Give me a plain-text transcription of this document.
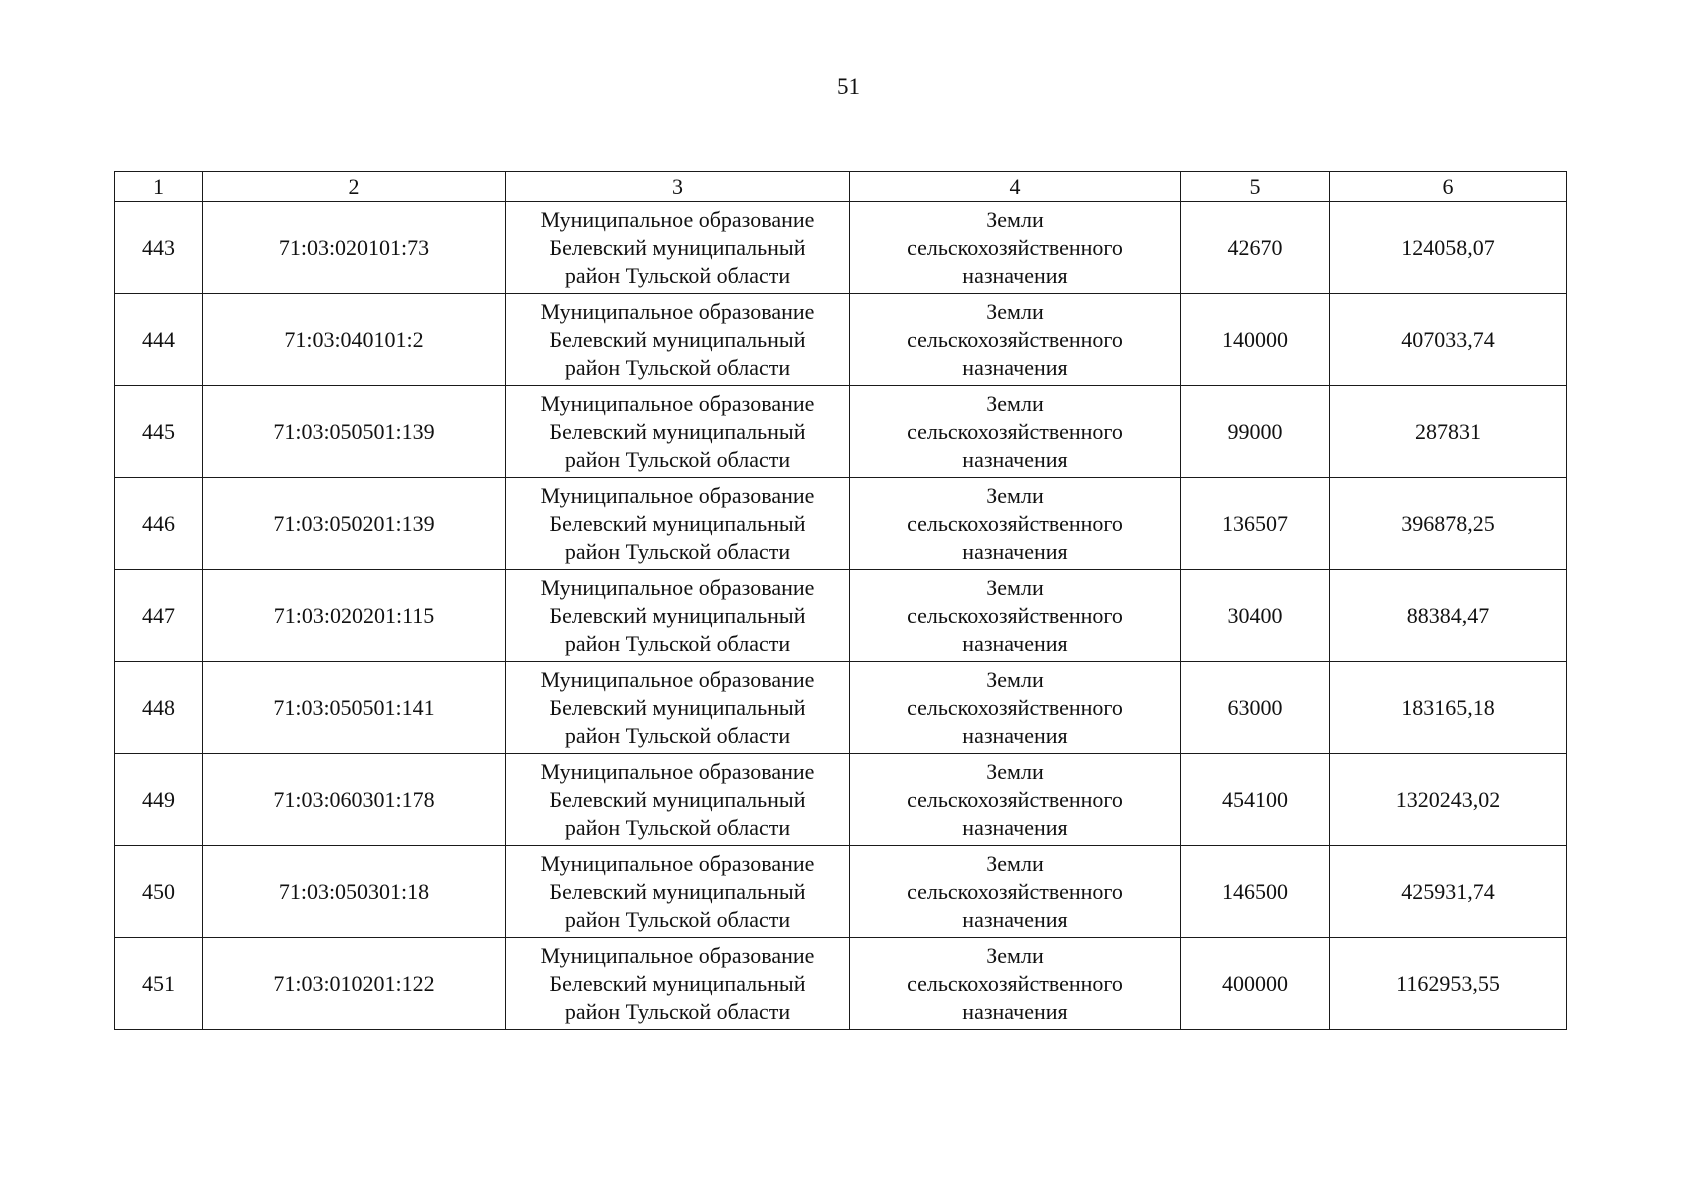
51
1	2	3	4	5	6
443	71:03:020101:73	Муниципальное образование
Белевский муниципальный
район Тульской области	Земли
сельскохозяйственного
назначения	42670	124058,07
444	71:03:040101:2	Муниципальное образование
Белевский муниципальный
район Тульской области	Земли
сельскохозяйственного
назначения	140000	407033,74
445	71:03:050501:139	Муниципальное образование
Белевский муниципальный
район Тульской области	Земли
сельскохозяйственного
назначения	99000	287831
446	71:03:050201:139	Муниципальное образование
Белевский муниципальный
район Тульской области	Земли
сельскохозяйственного
назначения	136507	396878,25
447	71:03:020201:115	Муниципальное образование
Белевский муниципальный
район Тульской области	Земли
сельскохозяйственного
назначения	30400	88384,47
448	71:03:050501:141	Муниципальное образование
Белевский муниципальный
район Тульской области	Земли
сельскохозяйственного
назначения	63000	183165,18
449	71:03:060301:178	Муниципальное образование
Белевский муниципальный
район Тульской области	Земли
сельскохозяйственного
назначения	454100	1320243,02
450	71:03:050301:18	Муниципальное образование
Белевский муниципальный
район Тульской области	Земли
сельскохозяйственного
назначения	146500	425931,74
451	71:03:010201:122	Муниципальное образование
Белевский муниципальный
район Тульской области	Земли
сельскохозяйственного
назначения	400000	1162953,55
